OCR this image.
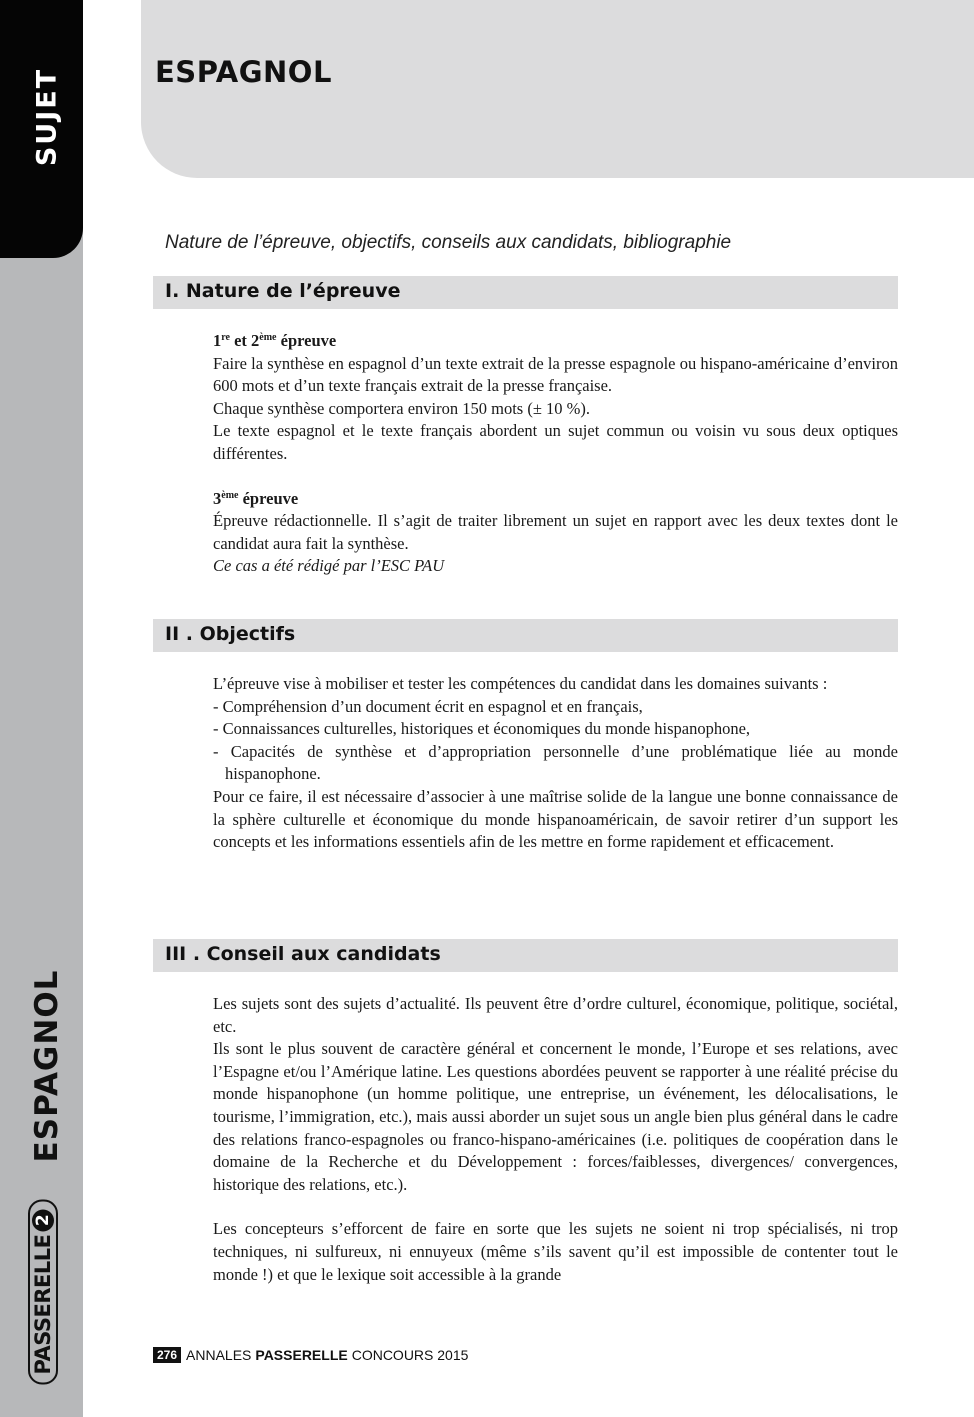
SUJET
ESPAGNOL
PASSERELLE
2
ESPAGNOL
Nature de l’épreuve, objectifs, conseils aux candidats, bibliographie
I. Nature de l’épreuve

1re et 2ème épreuve

Faire la synthèse en espagnol d’un texte extrait de la presse espagnole ou hispano-américaine d’environ 600 mots et d’un texte français extrait de la presse française.

Chaque synthèse comportera environ 150 mots (± 10 %).

Le texte espagnol et le texte français abordent un sujet commun ou voisin vu sous deux optiques différentes.

3ème épreuve

Épreuve rédactionnelle. Il s’agit de traiter librement un sujet en rapport avec les deux textes dont le candidat aura fait la synthèse.

Ce cas a été rédigé par l’ESC PAU

II . Objectifs

L’épreuve vise à mobiliser et tester les compétences du candidat dans les domaines suivants :

- Compréhension d’un document écrit en espagnol et en français,

- Connaissances culturelles, historiques et économiques du monde hispanophone,

- Capacités de synthèse et d’appropriation personnelle d’une problématique liée au monde hispanophone.

Pour ce faire, il est nécessaire d’associer à une maîtrise solide de la langue une bonne connaissance de la sphère culturelle et économique du monde hispanoaméricain, de savoir retirer d’un support les concepts et les informations essentiels afin de les mettre en forme rapidement et efficacement.

III . Conseil aux candidats

Les sujets sont des sujets d’actualité. Ils peuvent être d’ordre culturel, économique, politique, sociétal, etc.

Ils sont le plus souvent de caractère général et concernent le monde, l’Europe et ses relations, avec l’Espagne et/ou l’Amérique latine. Les questions abordées peuvent se rapporter à une réalité précise du monde hispanophone (un homme politique, une entreprise, un événement, les délocalisations, le tourisme, l’immigration, etc.), mais aussi aborder un sujet sous un angle bien plus général dans le cadre des relations franco-espagnoles ou franco-hispano-américaines (i.e. politiques de coopération dans le domaine de la Recherche et du Développement : forces/faiblesses, divergences/ convergences, historique des relations, etc.).

Les concepteurs s’efforcent de faire en sorte que les sujets ne soient ni trop spécialisés, ni trop techniques, ni sulfureux, ni ennuyeux (même s’ils savent qu’il est impossible de contenter tout le monde !) et que le lexique soit accessible à la grande

276 ANNALES PASSERELLE CONCOURS 2015
